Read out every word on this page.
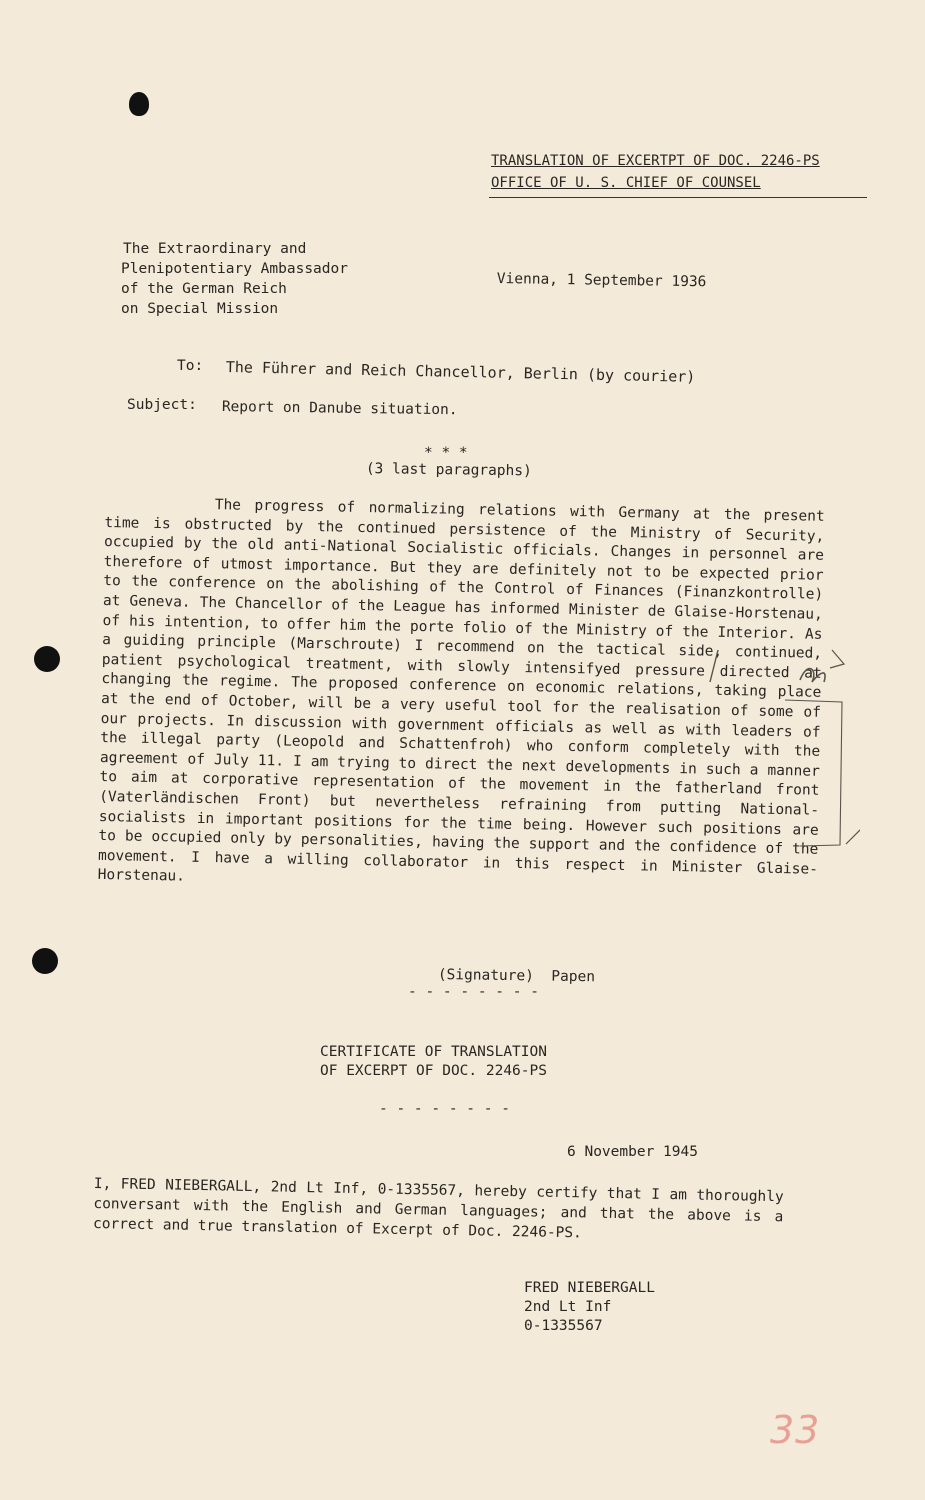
TRANSLATION OF EXCERTPT OF DOC. 2246-PS
OFFICE OF U. S. CHIEF OF COUNSEL
The Extraordinary and
Plenipotentiary Ambassador
of the German Reich
on Special Mission
Vienna, 1 September 1936
To: The Führer and Reich Chancellor, Berlin (by courier)
Subject: Report on Danube situation.
* * *
(3 last paragraphs)

The progress of normalizing relations with Germany at the present time is obstructed by the continued persistence of the Ministry of Security, occupied by the old anti-National Socialistic officials. Changes in personnel are therefore of utmost importance. But they are definitely not to be expected prior to the conference on the abolishing of the Control of Finances (Finanzkontrolle) at Geneva. The Chancellor of the League has informed Minister de Glaise-Horstenau, of his intention, to offer him the porte folio of the Ministry of the Interior. As a guiding principle (Marschroute) I recommend on the tactical side, continued, patient psychological treatment, with slowly intensifyed pressure directed at changing the regime. The proposed conference on economic relations, taking place at the end of October, will be a very useful tool for the realisation of some of our projects. In discussion with government officials as well as with leaders of the illegal party (Leopold and Schattenfroh) who conform completely with the agreement of July 11. I am trying to direct the next developments in such a manner to aim at corporative representation of the movement in the fatherland front (Vaterländischen Front) but nevertheless refraining from putting National-socialists in important positions for the time being. However such positions are to be occupied only by personalities, having the support and the confidence of the movement. I have a willing collaborator in this respect in Minister Glaise-Horstenau.

(Signature)  Papen
- - - - - - - -
CERTIFICATE OF TRANSLATION
OF EXCERPT OF DOC. 2246-PS
- - - - - - - -
6 November 1945
I, FRED NIEBERGALL, 2nd Lt Inf, 0-1335567, hereby certify that I am thoroughly conversant with the English and German languages; and that the above is a correct and true translation of Excerpt of Doc. 2246-PS.
FRED NIEBERGALL
2nd Lt Inf
0-1335567
33
